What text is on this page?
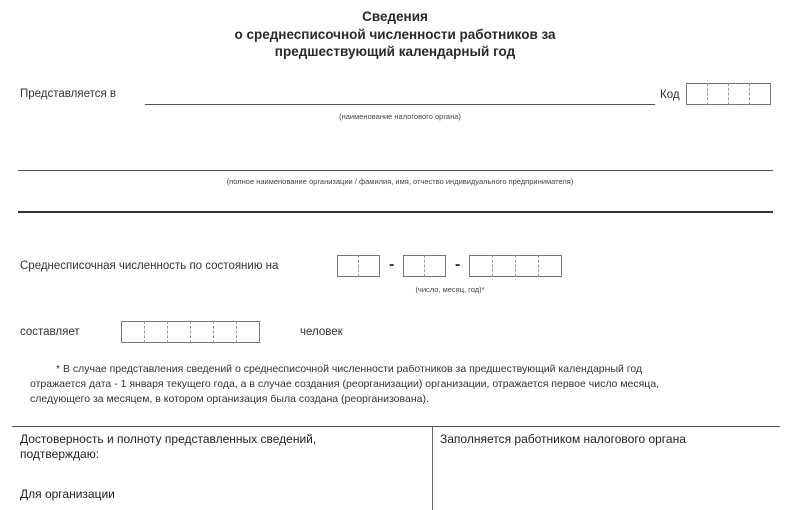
Сведения
о среднесписочной численности работников за
предшествующий календарный год
Представляется в	Код
(наименование налогового органа)
(полное наименование организации / фамилия, имя, отчество индивидуального предпринимателя)
Среднесписочная численность по состоянию на	-	-
(число, месяц, год)*
составляет	человек
* В случае представления сведений о среднесписочной численности работников за предшествующий календарный год
отражается дата - 1 января текущего года, а в случае создания (реорганизации) организации, отражается первое число месяца,
следующего за месяцем, в котором организация была создана (реорганизована).
Достоверность и полноту представленных сведений,
подтверждаю:
Для организации
Заполняется работником налогового органа
